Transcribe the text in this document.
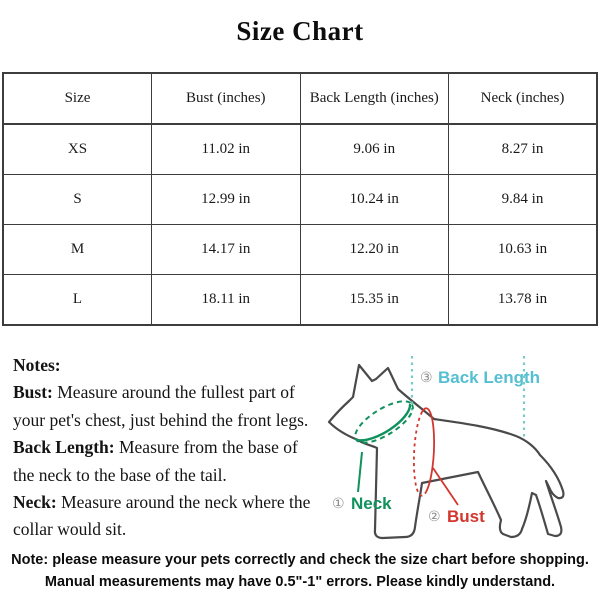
Size Chart
Size	Bust (inches)	Back Length (inches)	Neck (inches)
XS	11.02 in	9.06 in	8.27 in
S	12.99 in	10.24 in	9.84 in
M	14.17 in	12.20 in	10.63 in
L	18.11 in	15.35 in	13.78 in
Notes:
Bust: Measure around the fullest part of
your pet's chest, just behind the front legs.
Back Length: Measure from the base of
the neck to the base of the tail.
Neck: Measure around the neck where the
collar would sit.
③ Back Length
① Neck
② Bust
Note: please measure your pets correctly and check the size chart before shopping.
Manual measurements may have 0.5"-1" errors. Please kindly understand.
